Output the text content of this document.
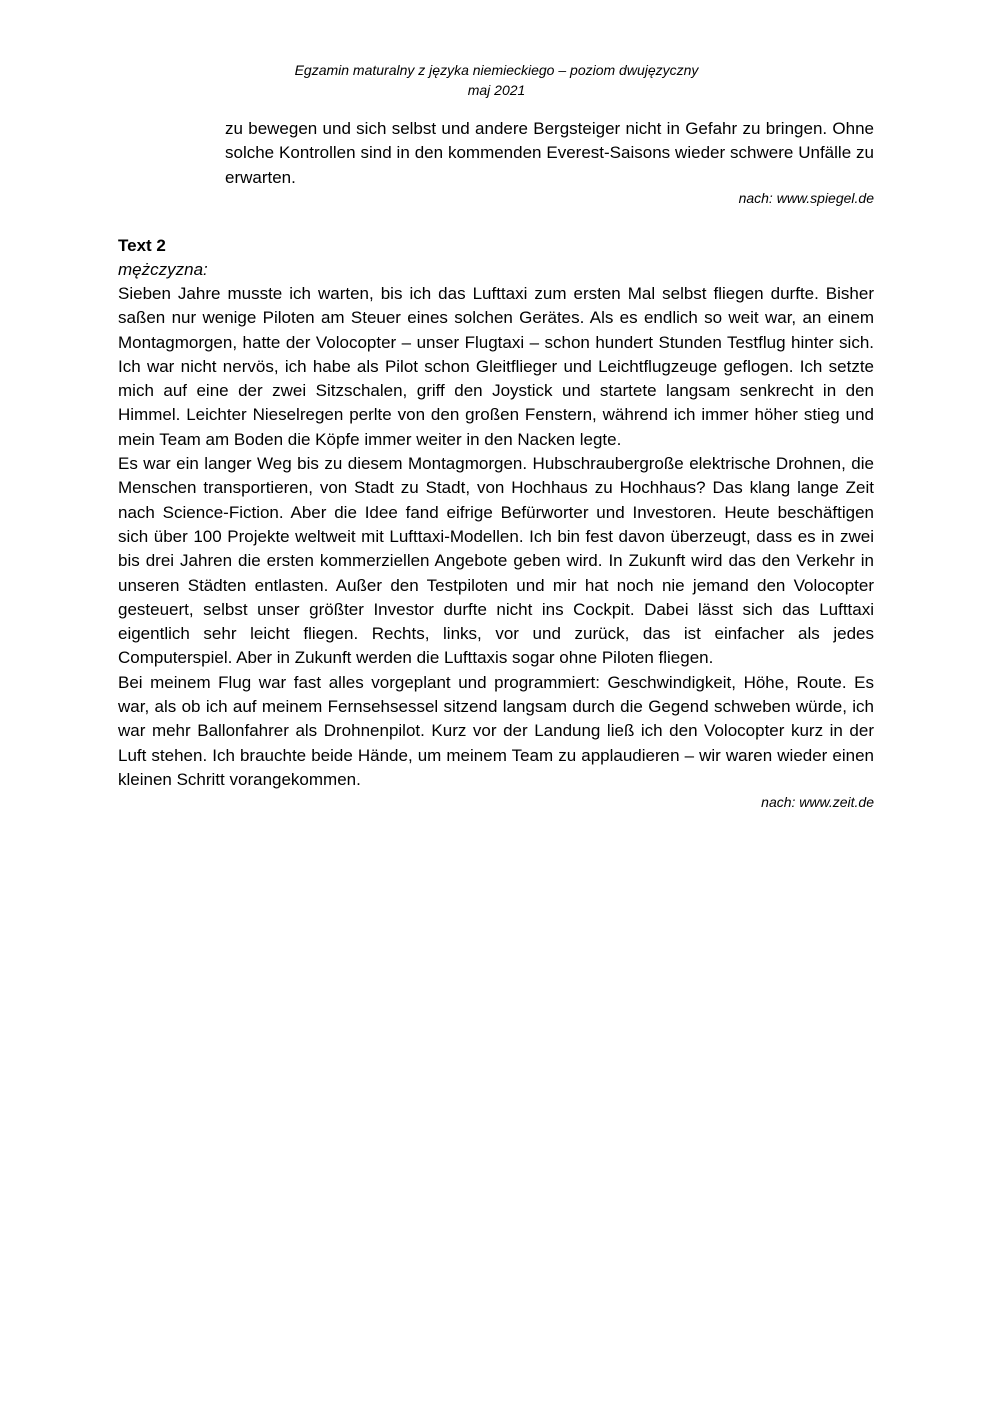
Egzamin maturalny z języka niemieckiego – poziom dwujęzyczny
maj 2021

zu bewegen und sich selbst und andere Bergsteiger nicht in Gefahr zu bringen. Ohne solche Kontrollen sind in den kommenden Everest-Saisons wieder schwere Unfälle zu erwarten.

nach: www.spiegel.de

Text 2

mężczyzna:

Sieben Jahre musste ich warten, bis ich das Lufttaxi zum ersten Mal selbst fliegen durfte. Bisher saßen nur wenige Piloten am Steuer eines solchen Gerätes. Als es endlich so weit war, an einem Montagmorgen, hatte der Volocopter – unser Flugtaxi – schon hundert Stunden Testflug hinter sich. Ich war nicht nervös, ich habe als Pilot schon Gleitflieger und Leichtflugzeuge geflogen. Ich setzte mich auf eine der zwei Sitzschalen, griff den Joystick und startete langsam senkrecht in den Himmel. Leichter Nieselregen perlte von den großen Fenstern, während ich immer höher stieg und mein Team am Boden die Köpfe immer weiter in den Nacken legte.

Es war ein langer Weg bis zu diesem Montagmorgen. Hubschraubergroße elektrische Drohnen, die Menschen transportieren, von Stadt zu Stadt, von Hochhaus zu Hochhaus? Das klang lange Zeit nach Science-Fiction. Aber die Idee fand eifrige Befürworter und Investoren. Heute beschäftigen sich über 100 Projekte weltweit mit Lufttaxi-Modellen. Ich bin fest davon überzeugt, dass es in zwei bis drei Jahren die ersten kommerziellen Angebote geben wird. In Zukunft wird das den Verkehr in unseren Städten entlasten. Außer den Testpiloten und mir hat noch nie jemand den Volocopter gesteuert, selbst unser größter Investor durfte nicht ins Cockpit. Dabei lässt sich das Lufttaxi eigentlich sehr leicht fliegen. Rechts, links, vor und zurück, das ist einfacher als jedes Computerspiel. Aber in Zukunft werden die Lufttaxis sogar ohne Piloten fliegen.

Bei meinem Flug war fast alles vorgeplant und programmiert: Geschwindigkeit, Höhe, Route. Es war, als ob ich auf meinem Fernsehsessel sitzend langsam durch die Gegend schweben würde, ich war mehr Ballonfahrer als Drohnenpilot. Kurz vor der Landung ließ ich den Volocopter kurz in der Luft stehen. Ich brauchte beide Hände, um meinem Team zu applaudieren – wir waren wieder einen kleinen Schritt vorangekommen.

nach: www.zeit.de
